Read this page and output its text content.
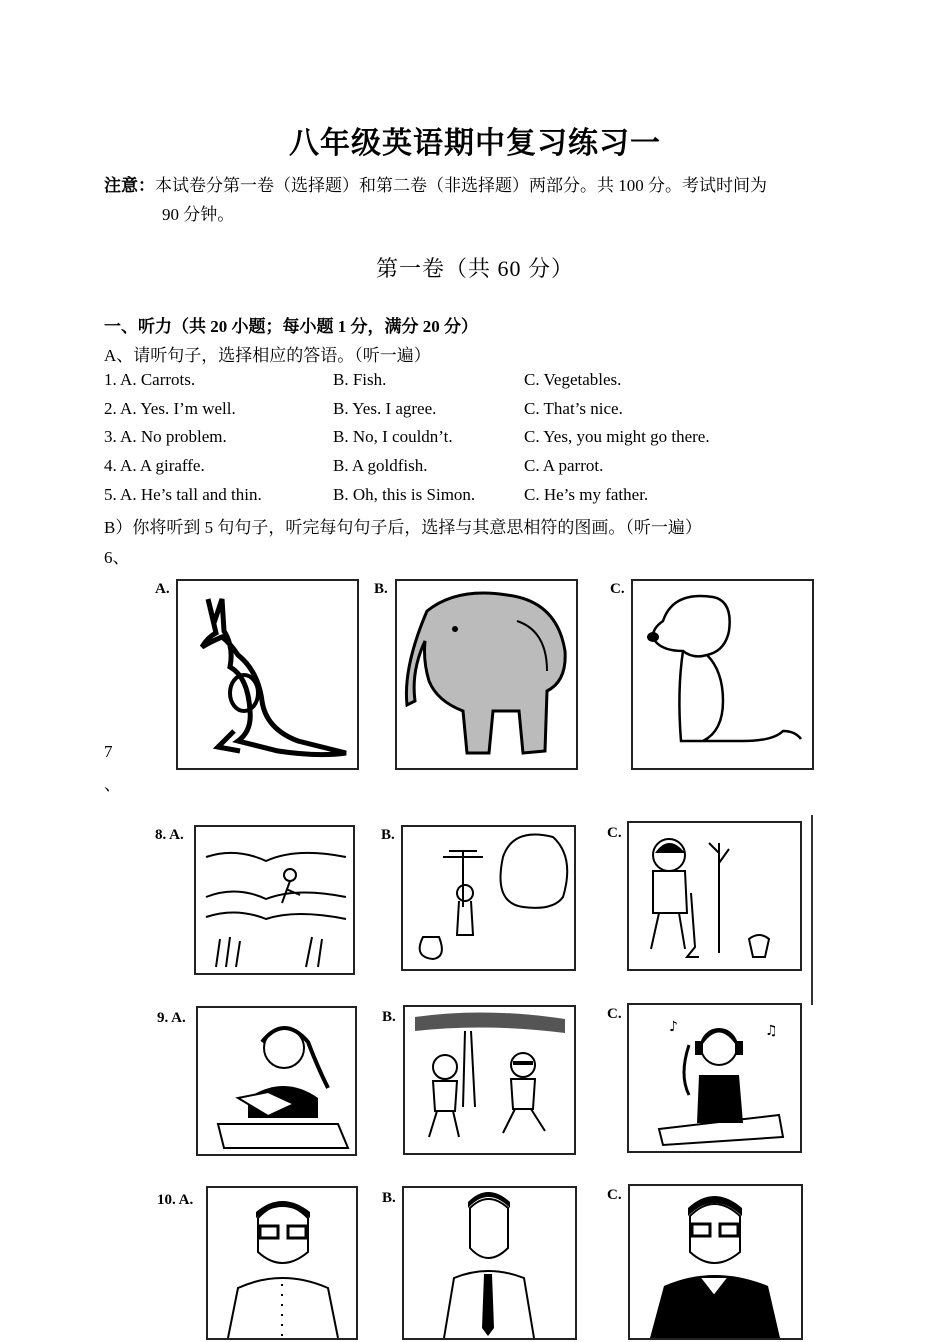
八年级英语期中复习练习一
注意：本试卷分第一卷（选择题）和第二卷（非选择题）两部分。共 100 分。考试时间为
90 分钟。
第一卷（共 60 分）
一、听力（共 20 小题；每小题 1 分，满分 20 分）
A、请听句子，选择相应的答语。（听一遍）
1. A. Carrots.	B. Fish.	C. Vegetables.
2. A. Yes. I’m well.	B. Yes. I agree.	C. That’s nice.
3. A. No problem.	B. No, I couldn’t.	C. Yes, you might go there.
4. A. A giraffe.	B. A goldfish.	C. A parrot.
5. A. He’s tall and thin.	B. Oh, this is Simon.	C. He’s my father.
B）你将听到 5 句句子，听完每句句子后，选择与其意思相符的图画。（听一遍）
6、
A.	B.	C.
7
、
8. A.	B.	C.
9. A.	B.	C.
♪	♫
10. A.	B.	C.
